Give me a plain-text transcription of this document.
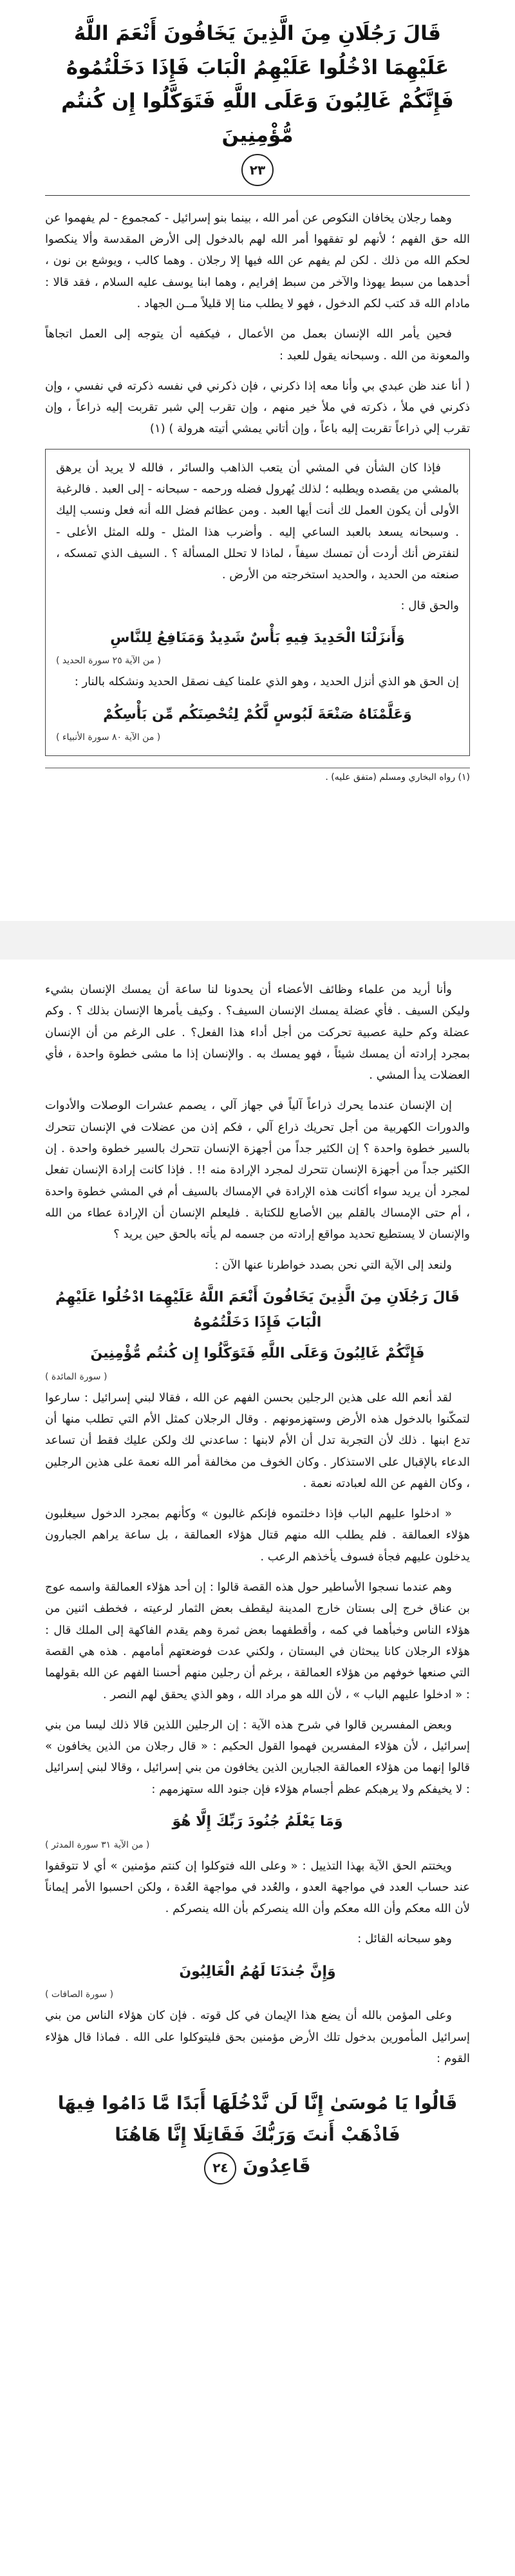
قَالَ رَجُلَانِ مِنَ الَّذِينَ يَخَافُونَ أَنْعَمَ اللَّهُ
عَلَيْهِمَا ادْخُلُوا عَلَيْهِمُ الْبَابَ فَإِذَا دَخَلْتُمُوهُ
فَإِنَّكُمْ غَالِبُونَ وَعَلَى اللَّهِ فَتَوَكَّلُوا إِن كُنتُم مُّؤْمِنِينَ
٢٣

وهما رجلان يخافان النكوص عن أمر الله ، بينما بنو إسرائيل - كمجموع - لم يفهموا عن الله حق الفهم ؛ لأنهم لو تفقهوا أمر الله لهم بالدخول إلى الأرض المقدسة وألا ينكصوا لحكم الله من ذلك . لكن لم يفهم عن الله فيها إلا رجلان . وهما كالب ، ويوشع بن نون ، أحدهما من سبط يهوذا والآخر من سبط إفرايم ، وهما ابنا يوسف عليه السلام ، فقد قالا : مادام الله قد كتب لكم الدخول ، فهو لا يطلب منا إلا قليلاً مــن الجهاد .

فحين يأمر الله الإنسان بعمل من الأعمال ، فيكفيه أن يتوجه إلى العمل اتجاهاً والمعونة من الله . وسبحانه يقول للعبد :

( أنا عند ظن عبدي بي وأنا معه إذا ذكرني ، فإن ذكرني في نفسه ذكرته في نفسي ، وإن ذكرني في ملأ ، ذكرته في ملأ خير منهم ، وإن تقرب إلي شبر تقربت إليه ذراعاً ، وإن تقرب إلي ذراعاً تقربت إليه باعاً ، وإن أتاني يمشي أتيته هرولة ) (١)

فإذا كان الشأن في المشي أن يتعب الذاهب والسائر ، فالله لا يريد أن يرهق بالمشي من يقصده ويطلبه ؛ لذلك يُهرول فضله ورحمه - سبحانه - إلى العبد . فالرغبة الأولى أن يكون العمل لك أنت أيها العبد . ومن عظائم فضل الله أنه فعل ونسب إليك . وسبحانه يسعد بالعبد الساعي إليه . وأضرب هذا المثل - ولله المثل الأعلى - لنفترض أنك أردت أن تمسك سيفاً ، لماذا لا تحلل المسألة ؟ . السيف الذي تمسكه ، صنعته من الحديد ، والحديد استخرجته من الأرض .

والحق قال :

وَأَنزَلْنَا الْحَدِيدَ فِيهِ بَأْسٌ شَدِيدٌ وَمَنَافِعُ لِلنَّاسِ
( من الآية ٢٥ سورة الحديد )

إن الحق هو الذي أنزل الحديد ، وهو الذي علمنا كيف نصقل الحديد ونشكله بالنار :

وَعَلَّمْنَاهُ صَنْعَةَ لَبُوسٍ لَّكُمْ لِتُحْصِنَكُم مِّن بَأْسِكُمْ
( من الآية ٨٠ سورة الأنبياء )
(١) رواه البخاري ومسلم (متفق عليه) .

وأنا أريد من علماء وظائف الأعضاء أن يحدونا لنا ساعة أن يمسك الإنسان بشيء وليكن السيف . فأي عضلة يمسك الإنسان السيف؟ . وكيف يأمرها الإنسان بذلك ؟ . وكم عضلة وكم حلية عصبية تحركت من أجل أداء هذا الفعل؟ . على الرغم من أن الإنسان بمجرد إرادته أن يمسك شيئاً ، فهو يمسك به . والإنسان إذا ما مشى خطوة واحدة ، فأي العضلات يدأ المشي .

إن الإنسان عندما يحرك ذراعاً آلياً في جهاز آلي ، يصمم عشرات الوصلات والأدوات والدورات الكهربية من أجل تحريك ذراع آلي ، فكم إذن من عضلات في الإنسان تتحرك بالسير خطوة واحدة ؟ إن الكثير جداً من أجهزة الإنسان تتحرك بالسير خطوة واحدة . إن الكثير جداً من أجهزة الإنسان تتحرك لمجرد الإرادة منه !! . فإذا كانت إرادة الإنسان تفعل لمجرد أن يريد سواء أكانت هذه الإرادة في الإمساك بالسيف أم في المشي خطوة واحدة ، أم حتى الإمساك بالقلم بين الأصابع للكتابة . فليعلم الإنسان أن الإرادة عطاء من الله والإنسان لا يستطيع تحديد مواقع إرادته من جسمه لم يأته بالحق حين يريد ؟

ولنعد إلى الآية التي نحن بصدد خواطرنا عنها الآن :

قَالَ رَجُلَانِ مِنَ الَّذِينَ يَخَافُونَ أَنْعَمَ اللَّهُ عَلَيْهِمَا ادْخُلُوا عَلَيْهِمُ الْبَابَ فَإِذَا دَخَلْتُمُوهُ
فَإِنَّكُمْ غَالِبُونَ وَعَلَى اللَّهِ فَتَوَكَّلُوا إِن كُنتُم مُّؤْمِنِينَ
( سورة المائدة )

لقد أنعم الله على هذين الرجلين بحسن الفهم عن الله ، فقالا لبني إسرائيل : سارعوا لتمكّنوا بالدخول هذه الأرض وستهزمونهم . وقال الرجلان كمثل الأم التي تطلب منها أن تدع ابنها . ذلك لأن التجربة تدل أن الأم لابنها : ساعدني لك ولكن عليك فقط أن تساعد الدعاء بالإقبال على الاستذكار . وكان الخوف من مخالفة أمر الله نعمة على هذين الرجلين ، وكان الفهم عن الله لعبادته نعمة .

« ادخلوا عليهم الباب فإذا دخلتموه فإنكم غالبون » وكأنهم بمجرد الدخول سيغلبون هؤلاء العمالقة . فلم يطلب الله منهم قتال هؤلاء العمالقة ، بل ساعة يراهم الجبارون يدخلون عليهم فجأة فسوف يأخذهم الرعب .

وهم عندما نسجوا الأساطير حول هذه القصة قالوا : إن أحد هؤلاء العمالقة واسمه عوج بن عناق خرج إلى بستان خارج المدينة ليقطف بعض الثمار لرعيته ، فخطف اثنين من هؤلاء الناس وخبأهما في كمه ، وأقطفهما بعض ثمرة وهم يقدم الفاكهة إلى الملك قال : هؤلاء الرجلان كانا يبحثان في البستان ، ولكني عدت فوضعتهم أمامهم . هذه هي القصة التي صنعها خوفهم من هؤلاء العمالقة ، برغم أن رجلين منهم أحسنا الفهم عن الله بقولهما : « ادخلوا عليهم الباب » ، لأن الله هو مراد الله ، وهو الذي يحقق لهم النصر .

وبعض المفسرين قالوا في شرح هذه الآية : إن الرجلين اللذين قالا ذلك ليسا من بني إسرائيل ، لأن هؤلاء المفسرين فهموا القول الحكيم : « قال رجلان من الذين يخافون » قالوا إنهما من هؤلاء العمالقة الجبارين الذين يخافون من بني إسرائيل ، وقالا لبني إسرائيل : لا يخيفكم ولا يرهبكم عظم أجسام هؤلاء فإن جنود الله ستهزمهم :

وَمَا يَعْلَمُ جُنُودَ رَبِّكَ إِلَّا هُوَ
( من الآية ٣١ سورة المدثر )

ويختتم الحق الآية بهذا التذييل : « وعلى الله فتوكلوا إن كنتم مؤمنين » أي لا تتوقفوا عند حساب العدد في مواجهة العدو ، والعُدد في مواجهة العُدة ، ولكن احسبوا الأمر إيماناً لأن الله معكم وأن الله معكم وأن الله ينصركم بأن الله ينصركم .

وهو سبحانه القائل :

وَإِنَّ جُندَنَا لَهُمُ الْغَالِبُونَ
( سورة الصافات )

وعلى المؤمن بالله أن يضع هذا الإيمان في كل قوته . فإن كان هؤلاء الناس من بني إسرائيل المأمورين بدخول تلك الأرض مؤمنين بحق فليتوكلوا على الله . فماذا قال هؤلاء القوم :

قَالُوا يَا مُوسَىٰ إِنَّا لَن نَّدْخُلَهَا أَبَدًا مَّا دَامُوا فِيهَا
فَاذْهَبْ أَنتَ وَرَبُّكَ فَقَاتِلَا إِنَّا هَاهُنَا
قَاعِدُونَ ٢٤
